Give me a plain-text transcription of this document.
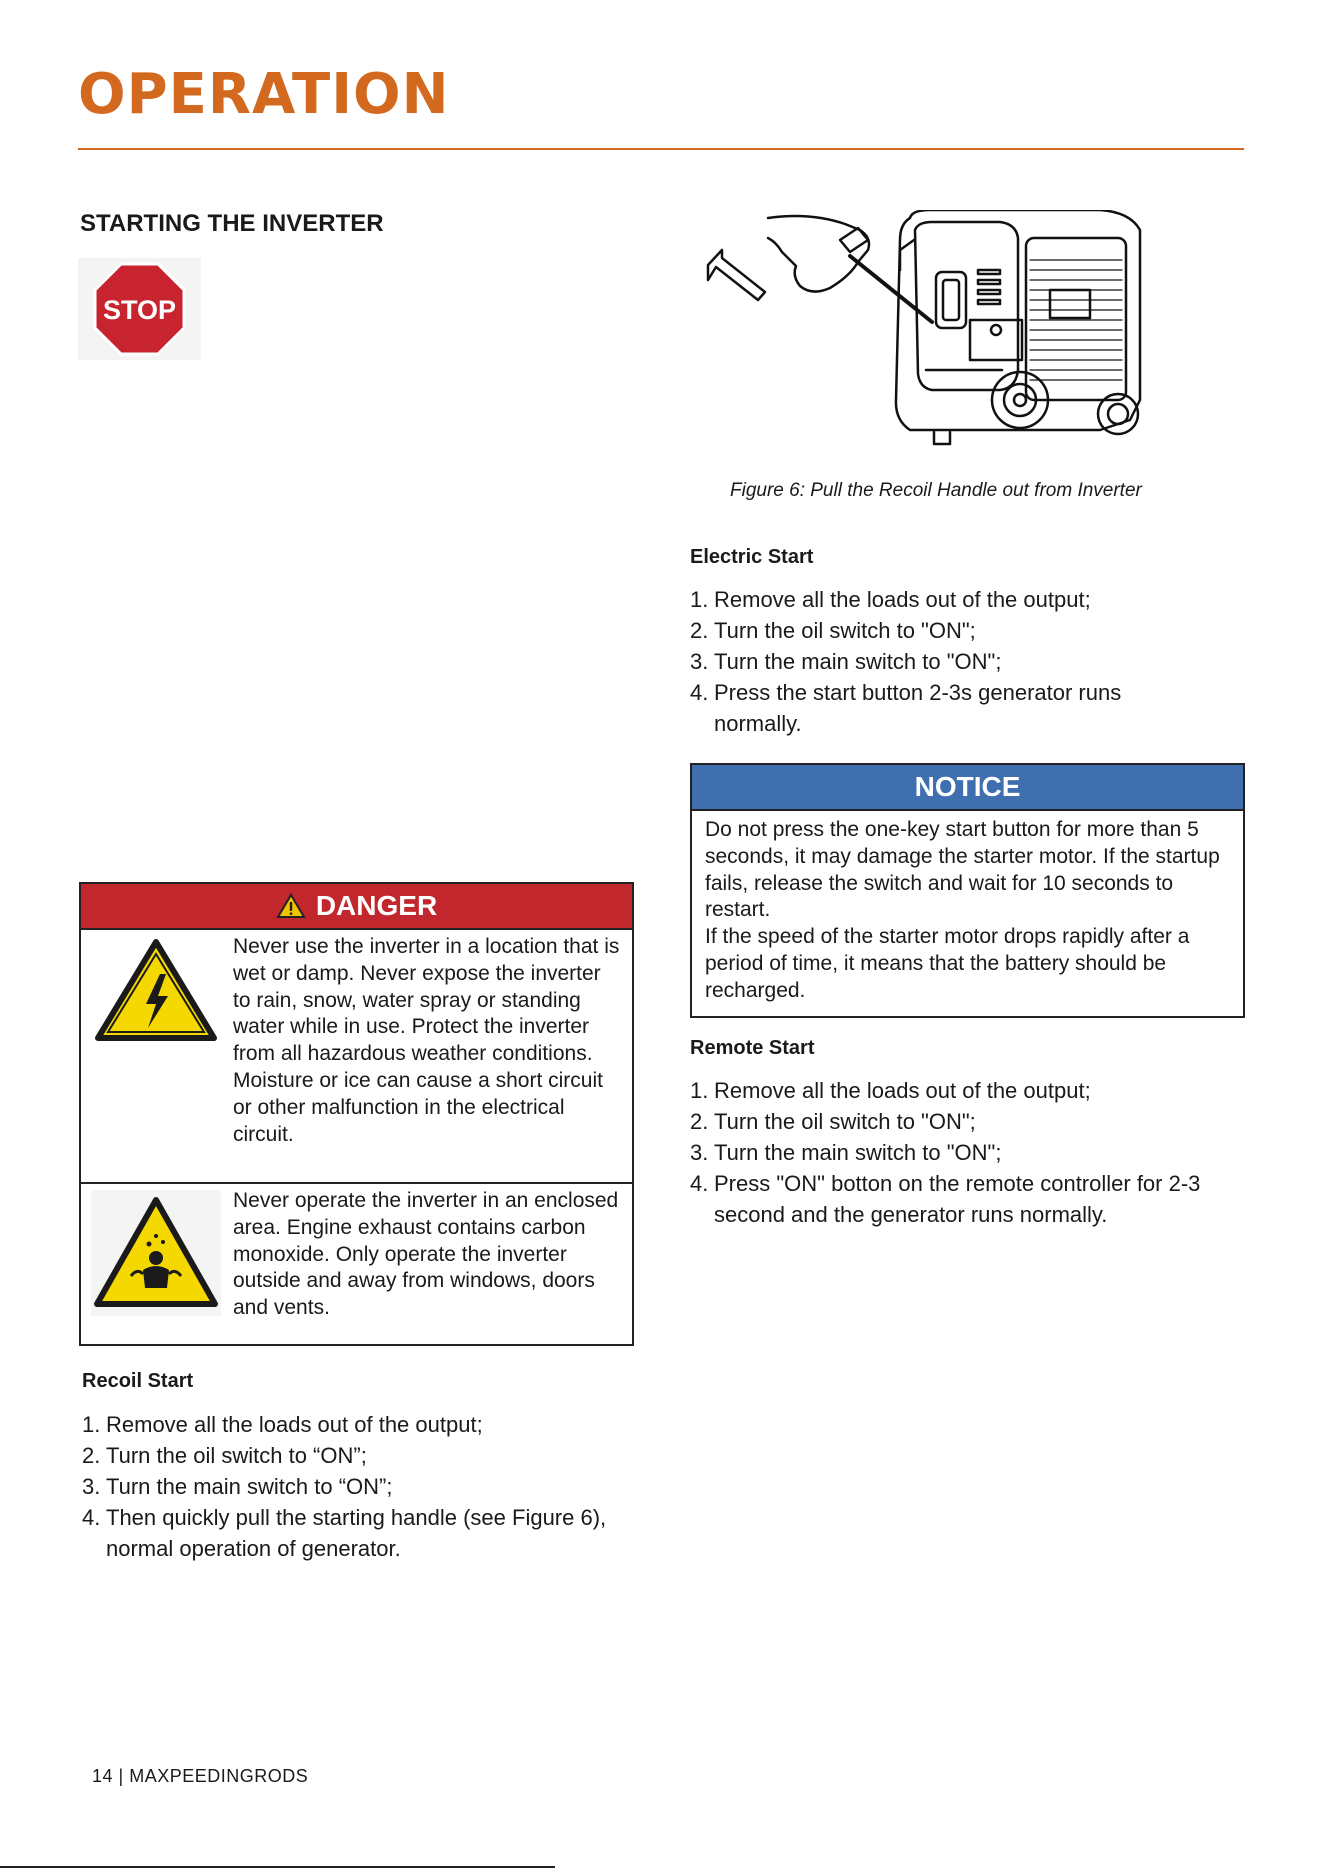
OPERATION
STARTING THE INVERTER
STOP
DANGER
Never use the inverter in a location that is wet or damp. Never expose the inverter to rain, snow, water spray or standing water while in use. Protect the inverter from all hazardous weather conditions. Moisture or ice can cause a short circuit or other malfunction in the electrical circuit.
Never operate the inverter in an enclosed area. Engine exhaust contains carbon monoxide. Only operate the inverter outside and away from windows, doors and vents.
Recoil Start
1. Remove all the loads out of the output;
2. Turn the oil switch to “ON”;
3. Turn the main switch to “ON”;
4. Then quickly pull the starting handle (see Figure 6), normal operation of generator.
Figure 6: Pull the Recoil Handle out from Inverter
Electric Start
1. Remove all the loads out of the output;
2. Turn the oil switch to "ON";
3. Turn the main switch to "ON";
4. Press the start button 2-3s generator runs normally.
NOTICE
Do not press the one-key start button for more than 5 seconds, it may damage the starter motor. If the startup fails, release the switch and wait for 10 seconds to restart.
If the speed of the starter motor drops rapidly after a period of time, it means that the battery should be recharged.
Remote Start
1. Remove all the loads out of the output;
2. Turn the oil switch to "ON";
3. Turn the main switch to "ON";
4. Press "ON" botton on the remote controller for 2-3 second and the generator runs normally.
14 | MAXPEEDINGRODS
